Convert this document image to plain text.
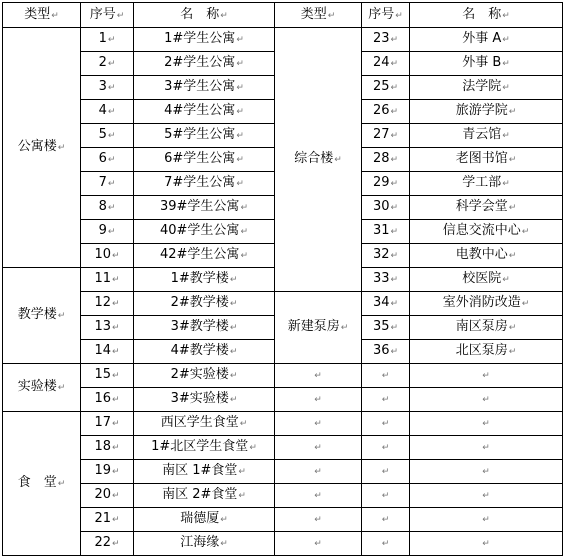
类型↵	序号↵	名　称↵	类型↵	序号↵	名　称↵
公寓楼↵	1↵	1#学生公寓↵	综合楼↵	23↵	外事 A↵
	2↵	2#学生公寓↵		24↵	外事 B↵
	3↵	3#学生公寓↵		25↵	法学院↵
	4↵	4#学生公寓↵		26↵	旅游学院↵
	5↵	5#学生公寓↵		27↵	青云馆↵
	6↵	6#学生公寓↵		28↵	老图书馆↵
	7↵	7#学生公寓↵		29↵	学工部↵
	8↵	39#学生公寓↵		30↵	科学会堂↵
	9↵	40#学生公寓↵		31↵	信息交流中心↵
	10↵	42#学生公寓↵		32↵	电教中心↵
教学楼↵	11↵	1#教学楼↵		33↵	校医院↵
	12↵	2#教学楼↵	新建泵房↵	34↵	室外消防改造↵
	13↵	3#教学楼↵		35↵	南区泵房↵
	14↵	4#教学楼↵		36↵	北区泵房↵
实验楼↵	15↵	2#实验楼↵	↵	↵	↵
	16↵	3#实验楼↵	↵	↵	↵
食　堂↵	17↵	西区学生食堂↵	↵	↵	↵
	18↵	1#北区学生食堂↵	↵	↵	↵
	19↵	南区 1#食堂↵	↵	↵	↵
	20↵	南区 2#食堂↵	↵	↵	↵
	21↵	瑞德厦↵	↵	↵	↵
	22↵	江海缘↵	↵	↵	↵
